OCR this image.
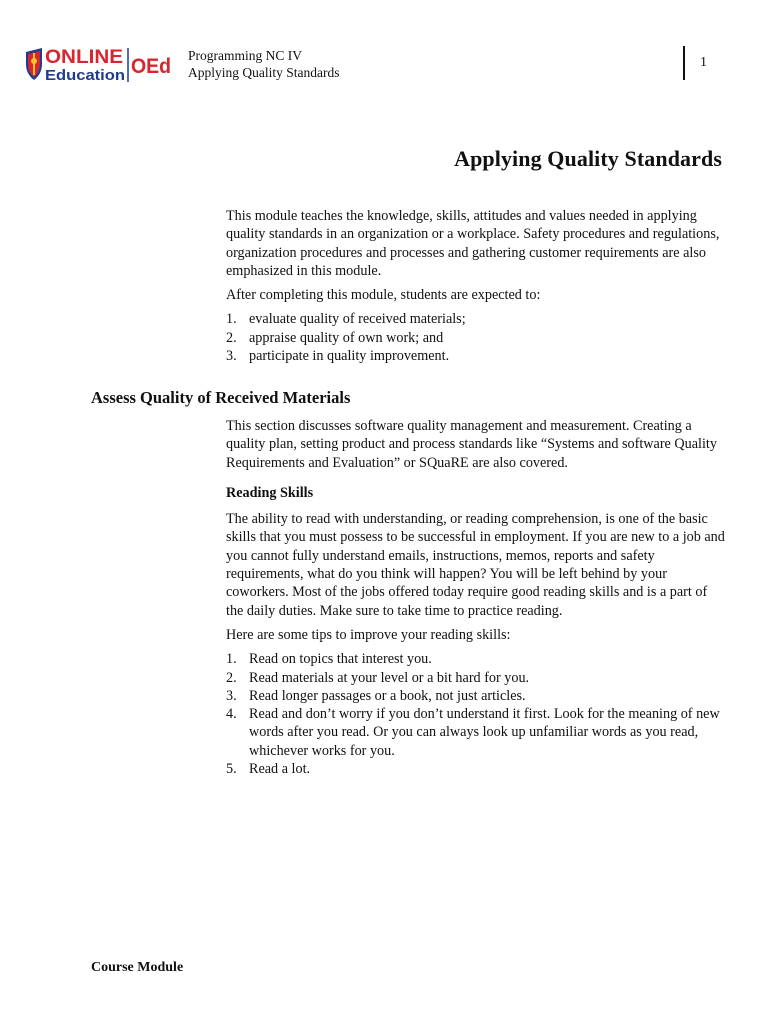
ONLINE
Education OEd Programming NC IV
Applying Quality Standards
1
Applying Quality Standards

This module teaches the knowledge, skills, attitudes and values needed in applying quality standards in an organization or a workplace. Safety procedures and regulations, organization procedures and processes and gathering customer requirements are also emphasized in this module.

After completing this module, students are expected to:

1. evaluate quality of received materials;
2. appraise quality of own work; and
3. participate in quality improvement.
Assess Quality of Received Materials

This section discusses software quality management and measurement. Creating a quality plan, setting product and process standards like “Systems and software Quality Requirements and Evaluation” or SQuaRE are also covered.

Reading Skills

The ability to read with understanding, or reading comprehension, is one of the basic skills that you must possess to be successful in employment. If you are new to a job and you cannot fully understand emails, instructions, memos, reports and safety requirements, what do you think will happen? You will be left behind by your coworkers. Most of the jobs offered today require good reading skills and is a part of the daily duties. Make sure to take time to practice reading.

Here are some tips to improve your reading skills:

1. Read on topics that interest you.
2. Read materials at your level or a bit hard for you.
3. Read longer passages or a book, not just articles.
4. Read and don’t worry if you don’t understand it first. Look for the meaning of new words after you read. Or you can always look up unfamiliar words as you read, whichever works for you.
5. Read a lot.
Course Module
